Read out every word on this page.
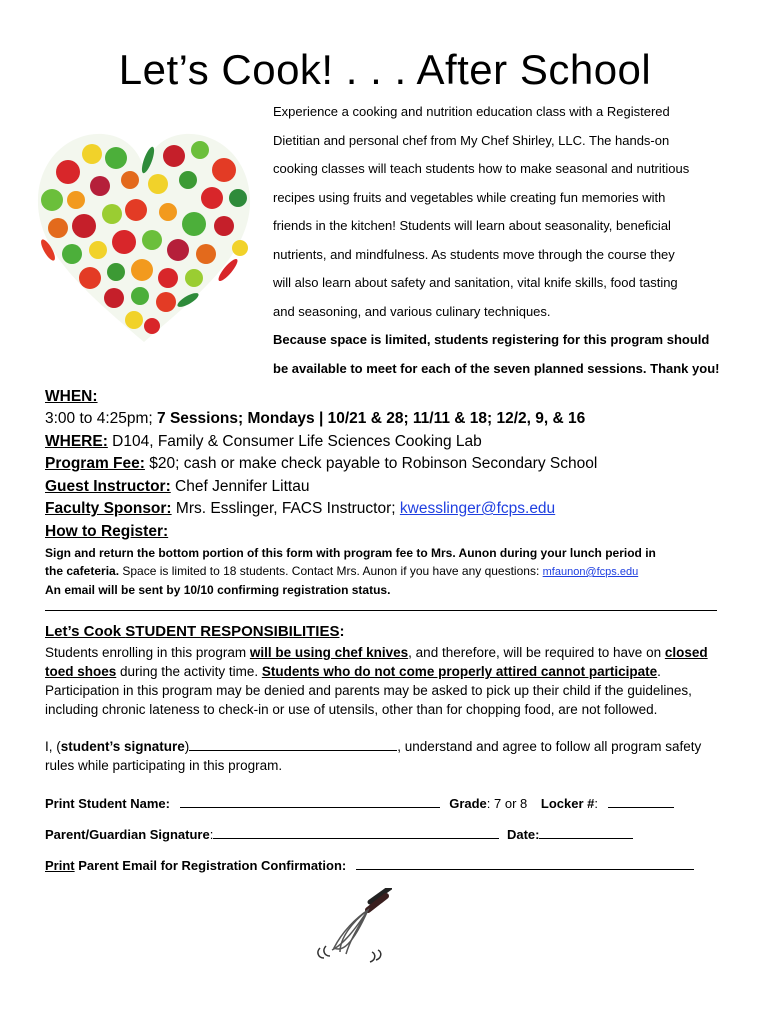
Let’s Cook! . . . After School
Experience a cooking and nutrition education class with a Registered
Dietitian and personal chef from My Chef Shirley, LLC. The hands-on
cooking classes will teach students how to make seasonal and nutritious
recipes using fruits and vegetables while creating fun memories with
friends in the kitchen! Students will learn about seasonality, beneficial
nutrients, and mindfulness. As students move through the course they
will also learn about safety and sanitation, vital knife skills, food tasting
and seasoning, and various culinary techniques.
Because space is limited, students registering for this program should
be available to meet for each of the seven planned sessions. Thank you!
WHEN:
3:00 to 4:25pm; 7 Sessions; Mondays | 10/21 & 28; 11/11 & 18; 12/2, 9, & 16
WHERE: D104, Family & Consumer Life Sciences Cooking Lab
Program Fee: $20; cash or make check payable to Robinson Secondary School
Guest Instructor: Chef Jennifer Littau
Faculty Sponsor: Mrs. Esslinger, FACS Instructor; kwesslinger@fcps.edu
How to Register:
Sign and return the bottom portion of this form with program fee to Mrs. Aunon during your lunch period in
the cafeteria. Space is limited to 18 students. Contact Mrs. Aunon if you have any questions: mfaunon@fcps.edu
An email will be sent by 10/10 confirming registration status.
Let’s Cook STUDENT RESPONSIBILITIES:
Students enrolling in this program will be using chef knives, and therefore, will be required to have on closed
toed shoes during the activity time. Students who do not come properly attired cannot participate.
Participation in this program may be denied and parents may be asked to pick up their child if the guidelines,
including chronic lateness to check-in or use of utensils, other than for chopping food, are not followed.
I, (student’s signature)	, understand and agree to follow all program safety
rules while participating in this program.
Print Student Name:	Grade: 7 or 8 Locker #:
Parent/Guardian Signature:	Date:
Print Parent Email for Registration Confirmation:
